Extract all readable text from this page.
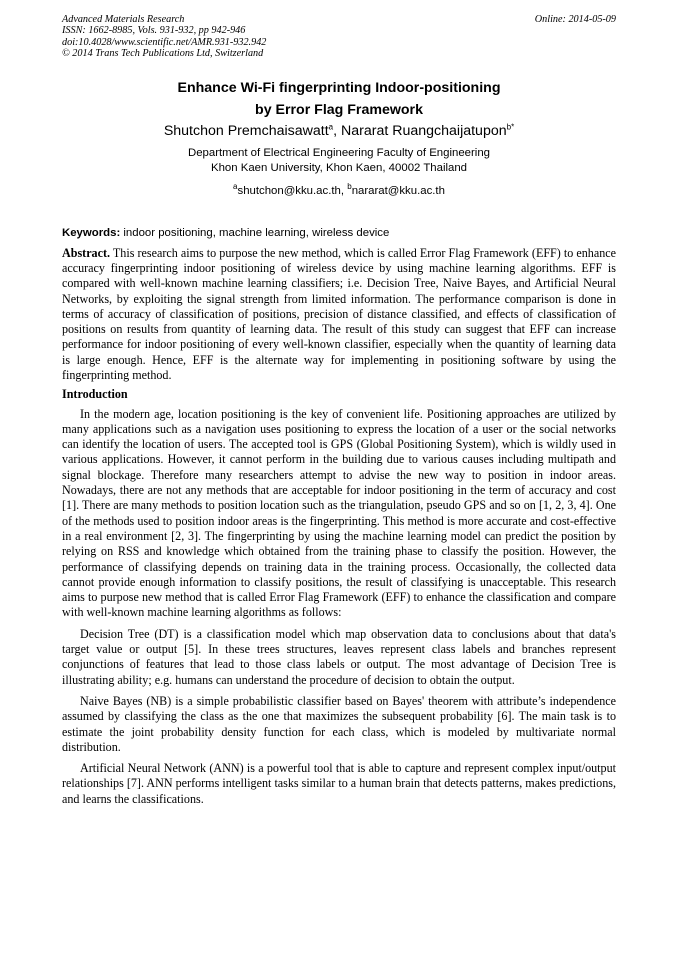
Online: 2014-05-09
Advanced Materials Research
ISSN: 1662-8985, Vols. 931-932, pp 942-946
doi:10.4028/www.scientific.net/AMR.931-932.942
© 2014 Trans Tech Publications Ltd, Switzerland
Enhance Wi-Fi fingerprinting Indoor-positioning
by Error Flag Framework
Shutchon Premchaisawatt$^a$, Nararat Ruangchaijatupon$^{b*}$
Department of Electrical Engineering Faculty of Engineering
Khon Kaen University, Khon Kaen, 40002 Thailand
$^a$shutchon@kku.ac.th, $^b$nararat@kku.ac.th
Keywords: indoor positioning, machine learning, wireless device
Abstract. This research aims to purpose the new method, which is called Error Flag Framework (EFF) to enhance accuracy fingerprinting indoor positioning of wireless device by using machine learning algorithms. EFF is compared with well-known machine learning classifiers; i.e. Decision Tree, Naive Bayes, and Artificial Neural Networks, by exploiting the signal strength from limited information. The performance comparison is done in terms of accuracy of classification of positions, precision of distance classified, and effects of classification of positions on results from quantity of learning data. The result of this study can suggest that EFF can increase performance for indoor positioning of every well-known classifier, especially when the quantity of learning data is large enough. Hence, EFF is the alternate way for implementing in positioning software by using the fingerprinting method.
Introduction

In the modern age, location positioning is the key of convenient life. Positioning approaches are utilized by many applications such as a navigation uses positioning to express the location of a user or the social networks can identify the location of users. The accepted tool is GPS (Global Positioning System), which is wildly used in various applications. However, it cannot perform in the building due to various causes including multipath and signal blockage. Therefore many researchers attempt to advise the new way to position in indoor areas. Nowadays, there are not any methods that are acceptable for indoor positioning in the term of accuracy and cost [1]. There are many methods to position location such as the triangulation, pseudo GPS and so on [1, 2, 3, 4]. One of the methods used to position indoor areas is the fingerprinting. This method is more accurate and cost-effective in a real environment [2, 3]. The fingerprinting by using the machine learning model can predict the position by relying on RSS and knowledge which obtained from the training phase to classify the position. However, the performance of classifying depends on training data in the training process. Occasionally, the collected data cannot provide enough information to classify positions, the result of classifying is unacceptable. This research aims to purpose new method that is called Error Flag Framework (EFF) to enhance the classification and compare with well-known machine learning algorithms as follows:

Decision Tree (DT) is a classification model which map observation data to conclusions about that data's target value or output [5]. In these trees structures, leaves represent class labels and branches represent conjunctions of features that lead to those class labels or output. The most advantage of Decision Tree is illustrating ability; e.g. humans can understand the procedure of decision to obtain the output.

Naive Bayes (NB) is a simple probabilistic classifier based on Bayes' theorem with attribute’s independence assumed by classifying the class as the one that maximizes the subsequent probability [6]. The main task is to estimate the joint probability density function for each class, which is modeled by multivariate normal distribution.

Artificial Neural Network (ANN) is a powerful tool that is able to capture and represent complex input/output relationships [7]. ANN performs intelligent tasks similar to a human brain that detects patterns, makes predictions, and learns the classifications.
